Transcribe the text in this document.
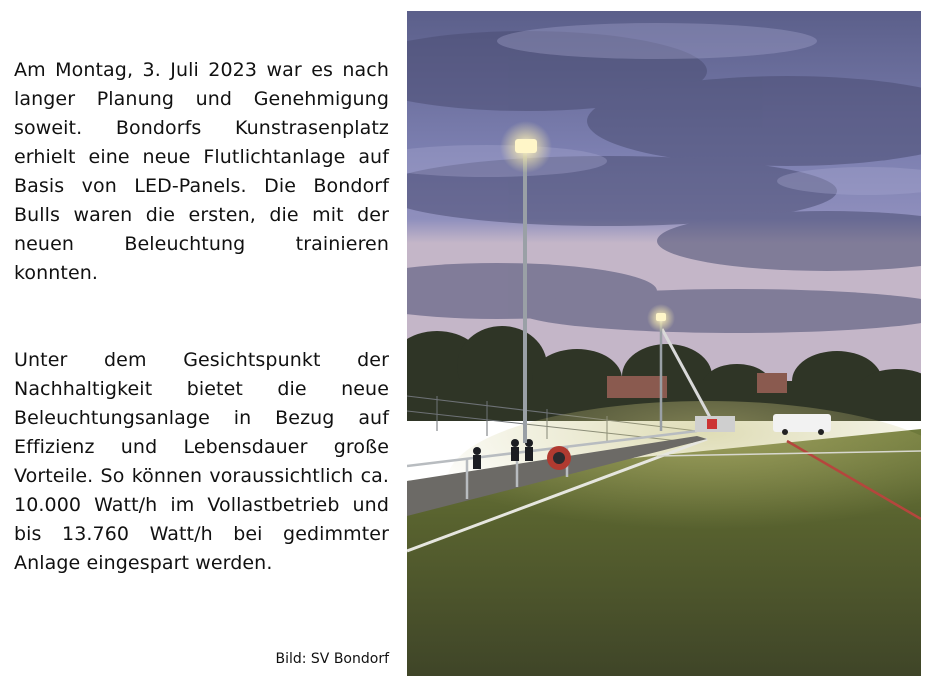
Am Montag, 3. Juli 2023 war es nach langer Planung und Genehmigung soweit. Bondorfs Kunstrasenplatz erhielt eine neue Flutlichtanlage auf Basis von LED-Panels. Die Bondorf Bulls waren die ersten, die mit der neuen Beleuchtung trainieren konnten.

Unter dem Gesichtspunkt der Nachhaltigkeit bietet die neue Beleuchtungsanlage in Bezug auf Effizienz und Lebensdauer große Vorteile. So können voraussichtlich ca. 10.000 Watt/h im Vollastbetrieb und bis 13.760 Watt/h bei gedimmter Anlage eingespart werden.

Bild: SV Bondorf
